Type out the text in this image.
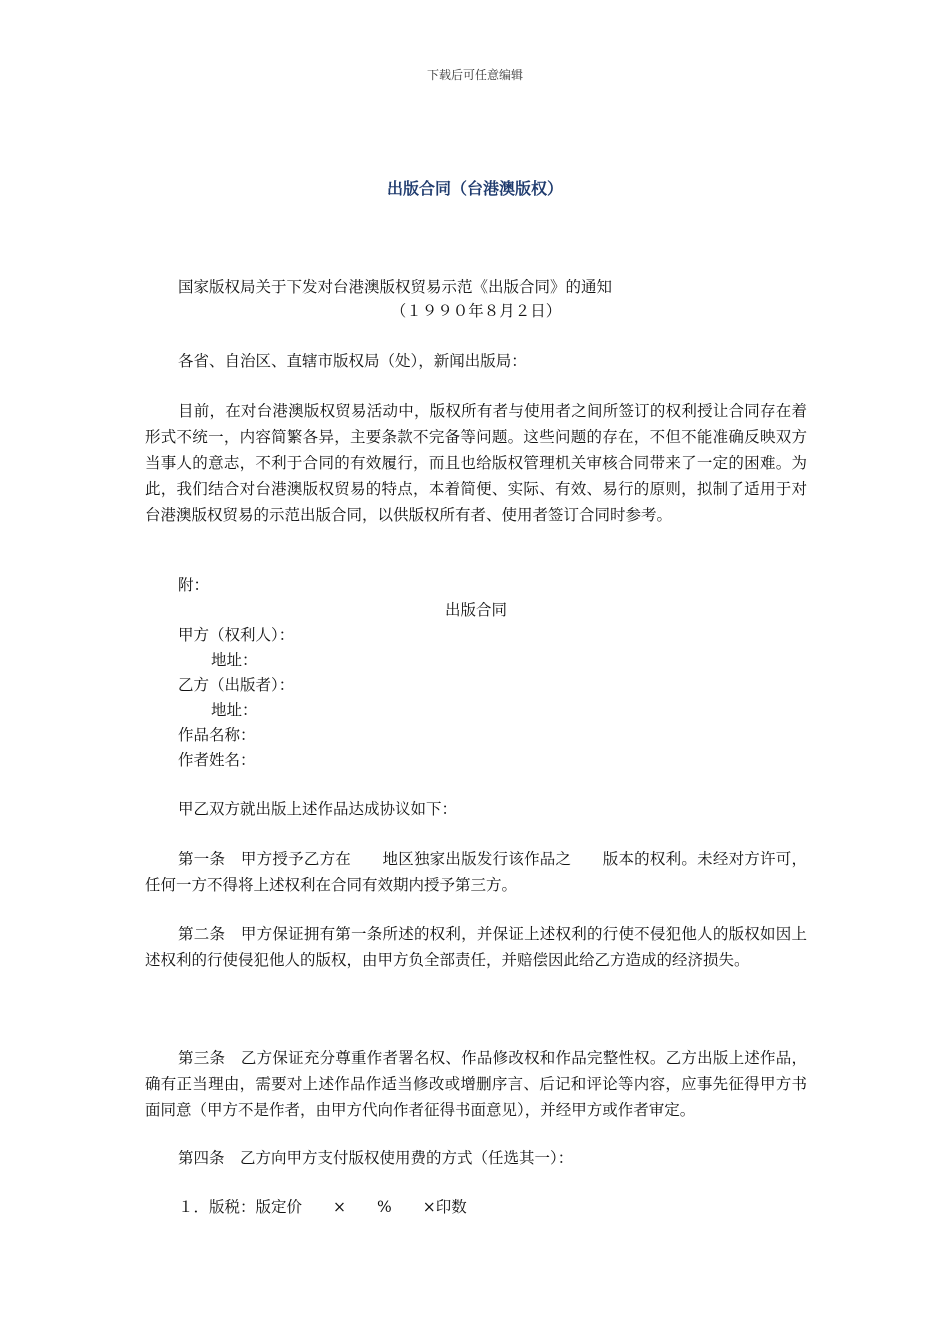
下载后可任意编辑
出版合同（台港澳版权）
国家版权局关于下发对台港澳版权贸易示范《出版合同》的通知
（１９９０年８月２日）
各省、自治区、直辖市版权局（处），新闻出版局：
目前，在对台港澳版权贸易活动中，版权所有者与使用者之间所签订的权利授让合同存在着形式不统一，内容简繁各异，主要条款不完备等问题。这些问题的存在，不但不能准确反映双方当事人的意志，不利于合同的有效履行，而且也给版权管理机关审核合同带来了一定的困难。为此，我们结合对台港澳版权贸易的特点，本着简便、实际、有效、易行的原则，拟制了适用于对台港澳版权贸易的示范出版合同，以供版权所有者、使用者签订合同时参考。
附：
出版合同
甲方（权利人）：
地址：
乙方（出版者）：
地址：
作品名称：
作者姓名：
甲乙双方就出版上述作品达成协议如下：
第一条　甲方授予乙方在　　地区独家出版发行该作品之　　版本的权利。未经对方许可，任何一方不得将上述权利在合同有效期内授予第三方。
第二条　甲方保证拥有第一条所述的权利，并保证上述权利的行使不侵犯他人的版权如因上述权利的行使侵犯他人的版权，由甲方负全部责任，并赔偿因此给乙方造成的经济损失。
第三条　乙方保证充分尊重作者署名权、作品修改权和作品完整性权。乙方出版上述作品，确有正当理由，需要对上述作品作适当修改或增删序言、后记和评论等内容，应事先征得甲方书面同意（甲方不是作者，由甲方代向作者征得书面意见），并经甲方或作者审定。
第四条　乙方向甲方支付版权使用费的方式（任选其一）：
１．版税：版定价　　×　　%　　×印数
